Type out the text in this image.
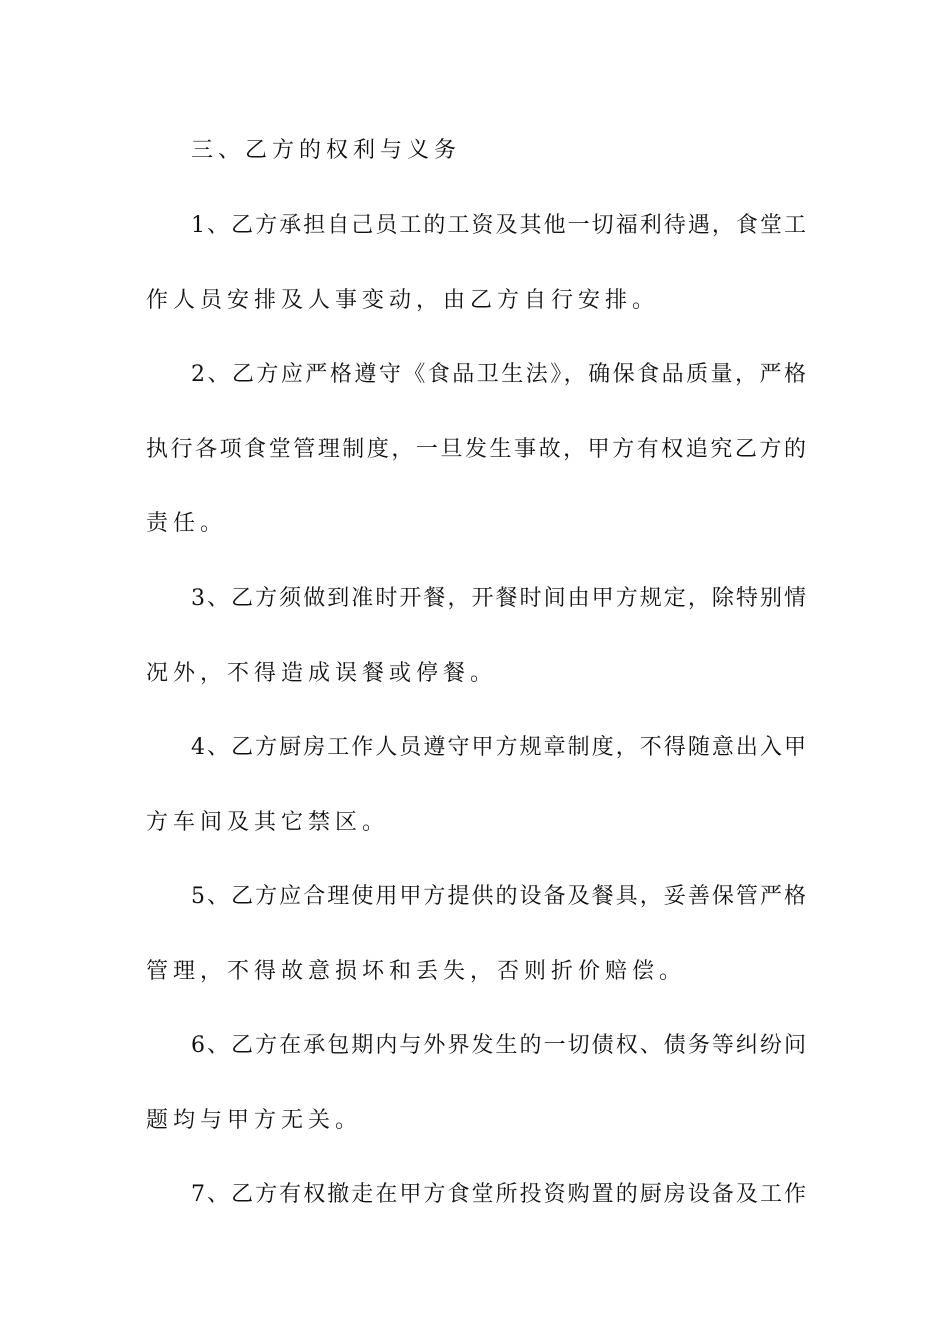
三、乙方的权利与义务
1、乙方承担自己员工的工资及其他一切福利待遇，食堂工
作人员安排及人事变动，由乙方自行安排。
2、乙方应严格遵守《食品卫生法》，确保食品质量，严格
执行各项食堂管理制度，一旦发生事故，甲方有权追究乙方的
责任。
3、乙方须做到准时开餐，开餐时间由甲方规定，除特别情
况外，不得造成误餐或停餐。
4、乙方厨房工作人员遵守甲方规章制度，不得随意出入甲
方车间及其它禁区。
5、乙方应合理使用甲方提供的设备及餐具，妥善保管严格
管理，不得故意损坏和丢失，否则折价赔偿。
6、乙方在承包期内与外界发生的一切债权、债务等纠纷问
题均与甲方无关。
7、乙方有权撤走在甲方食堂所投资购置的厨房设备及工作
